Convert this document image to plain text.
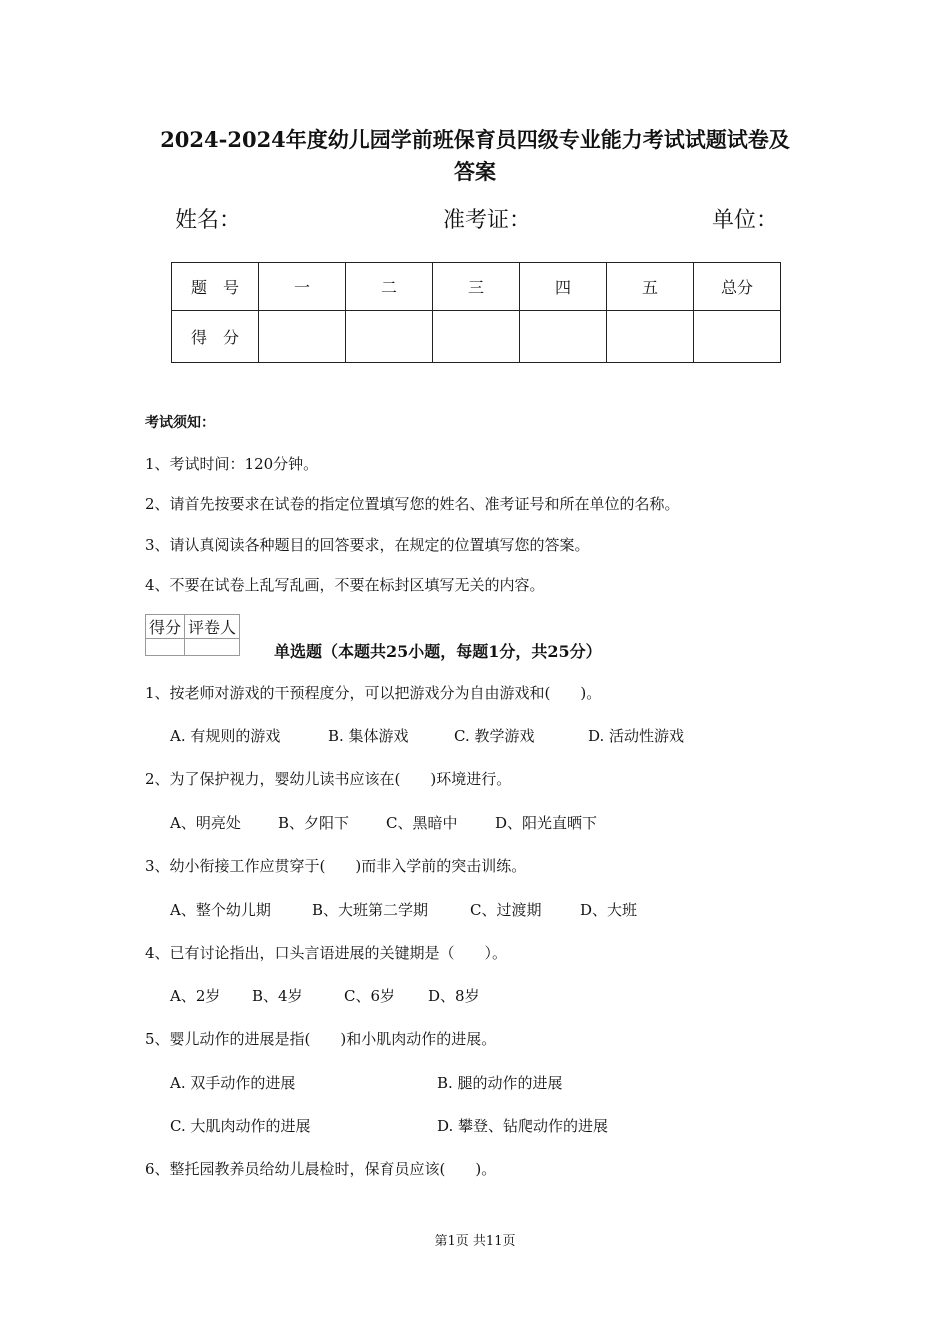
2024-2024年度幼儿园学前班保育员四级专业能力考试试题试卷及
答案
姓名：	准考证：	单位：
题　号	一	二	三	四	五	总分
得　分						
考试须知：
1、考试时间：120分钟。
2、请首先按要求在试卷的指定位置填写您的姓名、准考证号和所在单位的名称。
3、请认真阅读各种题目的回答要求，在规定的位置填写您的答案。
4、不要在试卷上乱写乱画，不要在标封区填写无关的内容。
得分	评卷人

单选题（本题共25小题，每题1分，共25分）
1、按老师对游戏的干预程度分，可以把游戏分为自由游戏和(　　)。
A. 有规则的游戏	B. 集体游戏	C. 教学游戏	D. 活动性游戏
2、为了保护视力，婴幼儿读书应该在(　　)环境进行。
A、明亮处 B、夕阳下 C、黑暗中	D、阳光直晒下
3、幼小衔接工作应贯穿于(　　)而非入学前的突击训练。
A、整个幼儿期	B、大班第二学期	C、过渡期	D、大班
4、已有讨论指出，口头言语进展的关键期是（　　）。
A、2岁 B、4岁	C、6岁 D、8岁
5、婴儿动作的进展是指(　　)和小肌肉动作的进展。
A. 双手动作的进展	B. 腿的动作的进展
C. 大肌肉动作的进展	D. 攀登、钻爬动作的进展
6、整托园教养员给幼儿晨检时，保育员应该(　　)。
第1页 共11页
